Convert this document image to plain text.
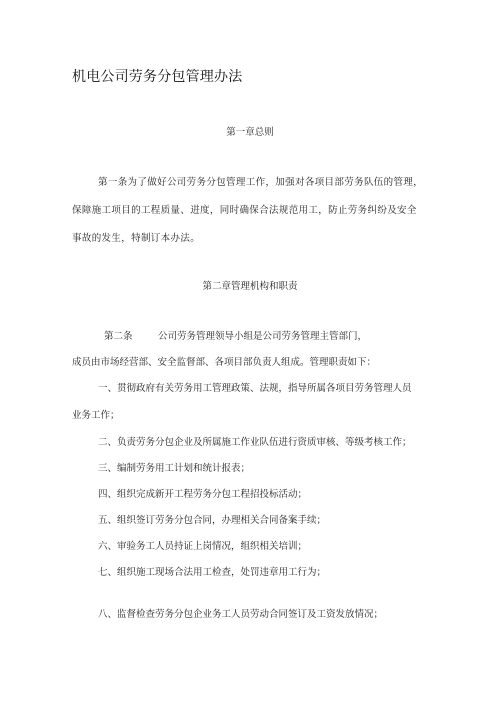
机电公司劳务分包管理办法
第一章总则
第一条为了做好公司劳务分包管理工作，加强对各项目部劳务队伍的管理，
保障施工项目的工程质量、进度，同时确保合法规范用工，防止劳务纠纷及安全
事故的发生，特制订本办法。
第二章管理机构和职责
第二条	公司劳务管理领导小组是公司劳务管理主管部门，
成员由市场经营部、安全监督部、各项目部负责人组成。管理职责如下：
一、贯彻政府有关劳务用工管理政策、法规，指导所属各项目劳务管理人员
业务工作；
二、负责劳务分包企业及所属施工作业队伍进行资质审核、等级考核工作；
三、编制劳务用工计划和统计报表；
四、组织完成新开工程劳务分包工程招投标活动；
五、组织签订劳务分包合同，办理相关合同备案手续；
六、审验务工人员持证上岗情况，组织相关培训；
七、组织施工现场合法用工检查，处罚违章用工行为；
八、监督检查劳务分包企业务工人员劳动合同签订及工资发放情况；
